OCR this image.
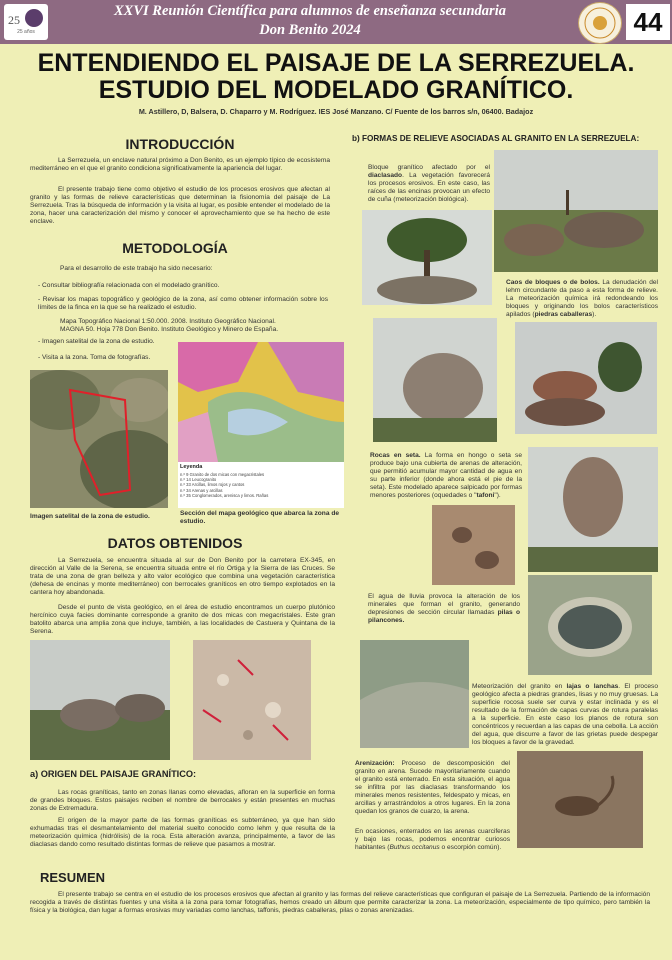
25
25 años
XXVI Reunión Científica para alumnos de enseñanza secundaria
Don Benito 2024	44
ENTENDIENDO EL PAISAJE DE LA SERREZUELA.
ESTUDIO DEL MODELADO GRANÍTICO.
M. Astillero, D, Balsera, D. Chaparro y M. Rodríguez. IES José Manzano. C/ Fuente de los barros s/n, 06400. Badajoz
INTRODUCCIÓN
La Serrezuela, un enclave natural próximo a Don Benito, es un ejemplo típico de ecosistema mediterráneo en el que el granito condiciona significativamente la apariencia del lugar.
El presente trabajo tiene como objetivo el estudio de los procesos erosivos que afectan al granito y las formas de relieve características que determinan la fisionomía del paisaje de La Serrezuela. Tras la búsqueda de información y la visita al lugar, es posible entender el modelado de la zona, hacer una caracterización del mismo y conocer el aprovechamiento que se ha hecho de este enclave.
METODOLOGÍA
Para el desarrollo de este trabajo ha sido necesario:
- Consultar bibliografía relacionada con el modelado granítico.
- Revisar los mapas topográfico y geológico de la zona, así como obtener información sobre los límites de la finca en la que se ha realizado el estudio.
Mapa Topográfico Nacional 1:50.000. 2008. Instituto Geográfico Nacional.
MAGNA 50. Hoja 778 Don Benito. Instituto Geológico y Minero de España.
- Imagen satelital de la zona de estudio.
- Visita a la zona. Toma de fotografías.
Imagen satelital de la zona de estudio.
Leyenda
n.º 9 Granito de dos micas con megacristales
n.º 14 Leucogranito
n.º 33 Arcillas, limos rojos y cantos
n.º 34 Arenas y arcillas
n.º 35 Conglomerados, arenisca y limos. Rañas
Sección del mapa geológico que abarca la zona de estudio.
DATOS OBTENIDOS
La Serrezuela, se encuentra situada al sur de Don Benito por la carretera EX-345, en dirección al Valle de la Serena, se encuentra situada entre el río Ortiga y la Sierra de las Cruces. Se trata de una zona de gran belleza y alto valor ecológico que combina una vegetación característica (dehesa de encinas y monte mediterráneo) con berrocales graníticos en otro tiempo explotados en la cantera hoy abandonada.
Desde el punto de vista geológico, en el área de estudio encontramos un cuerpo plutónico hercínico cuya facies dominante corresponde a granito de dos micas con megacristales. Este gran batolito abarca una amplia zona que incluye, también, a las localidades de Castuera y Quintana de la Serena.
a) ORIGEN DEL PAISAJE GRANÍTICO:
Las rocas graníticas, tanto en zonas llanas como elevadas, afloran en la superficie en forma de grandes bloques. Estos paisajes reciben el nombre de berrocales y están presentes en muchas zonas de Extremadura.
El origen de la mayor parte de las formas graníticas es subterráneo, ya que han sido exhumadas tras el desmantelamiento del material suelto conocido como lehm y que resulta de la meteorización química (hidrólisis) de la roca. Esta alteración avanza, principalmente, a favor de las diaclasas dando como resultado distintas formas de relieve que pasamos a mostrar.
b) FORMAS DE RELIEVE ASOCIADAS AL GRANITO EN LA SERREZUELA:
Bloque granítico afectado por el diaclasado. La vegetación favorecerá los procesos erosivos. En este caso, las raíces de las encinas provocan un efecto de cuña (meteorización biológica).
Caos de bloques o de bolos. La denudación del lehm circundante da paso a esta forma de relieve. La meteorización química irá redondeando los bloques y originando los bolos característicos apilados (piedras caballeras).
Rocas en seta. La forma en hongo o seta se produce bajo una cubierta de arenas de alteración, que permitió acumular mayor cantidad de agua en su parte inferior (donde ahora está el pie de la seta). Este modelado aparece salpicado por formas menores posteriores (oquedades o "tafoni").
El agua de lluvia provoca la alteración de los minerales que forman el granito, generando depresiones de sección circular llamadas pilas o pilancones.
Meteorización del granito en lajas o lanchas. El proceso geológico afecta a piedras grandes, lisas y no muy gruesas. La superficie rocosa suele ser curva y estar inclinada y es el resultado de la formación de capas curvas de rotura paralelas a la superficie. En este caso los planos de rotura son concéntricos y recuerdan a las capas de una cebolla. La acción del agua, que discurre a favor de las grietas puede despegar los bloques a favor de la gravedad.
Arenización: Proceso de descomposición del granito en arena. Sucede mayoritariamente cuando el granito está enterrado. En esta situación, el agua se infiltra por las diaclasas transformando los minerales menos resistentes, feldespato y micas, en arcillas y arrastrándolos a otros lugares. En la zona quedan los granos de cuarzo, la arena.
En ocasiones, enterrados en las arenas cuarciferas y bajo las rocas, podemos encontrar curiosos habitantes (Buthus occitanus o escorpión común).
RESUMEN
El presente trabajo se centra en el estudio de los procesos erosivos que afectan al granito y las formas del relieve características que configuran el paisaje de La Serrezuela. Partiendo de la información recogida a través de distintas fuentes y una visita a la zona para tomar fotografías, hemos creado un álbum que permite caracterizar la zona. La meteorización, especialmente de tipo químico, pero también la física y la biológica, dan lugar a formas erosivas muy variadas como lanchas, taffonis, piedras caballeras, pilas o zonas arenizadas.
